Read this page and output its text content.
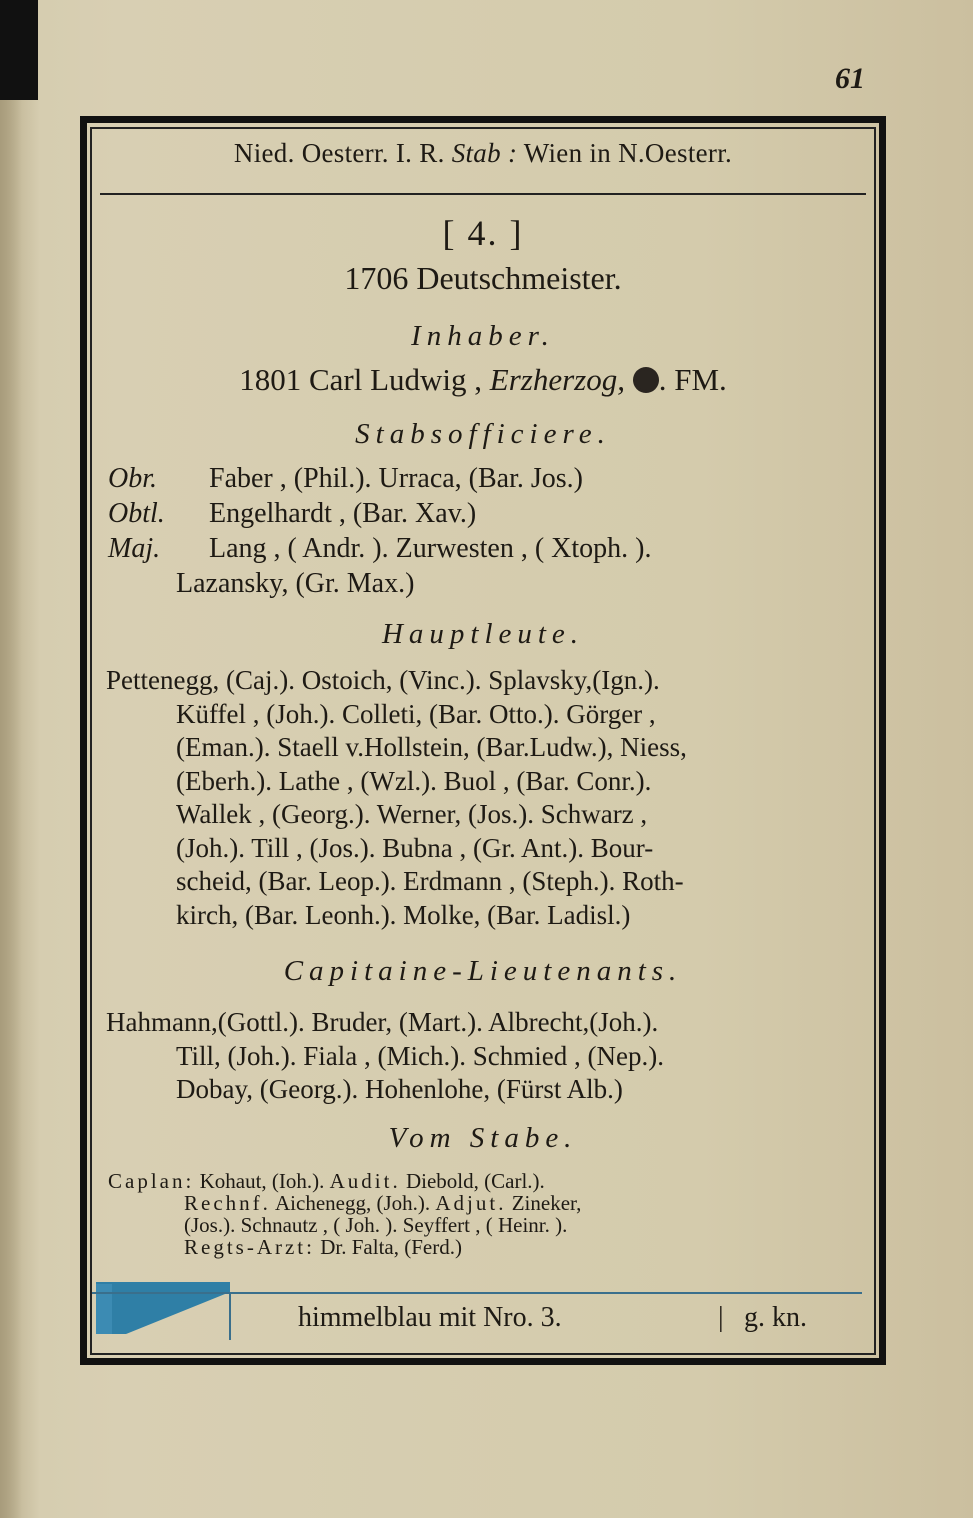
61
Nied. Oesterr. I. R. Stab : Wien in N.Oesterr.
[ 4. ]
1706 Deutschmeister.
Inhaber.
1801 Carl Ludwig , Erzherzog, . FM.
Stabsofficiere.
Obr. Faber , (Phil.). Urraca, (Bar. Jos.)
Obtl. Engelhardt , (Bar. Xav.)
Maj. Lang , ( Andr. ). Zurwesten , ( Xtoph. ).
Lazansky, (Gr. Max.)
Hauptleute.
Pettenegg, (Caj.). Ostoich, (Vinc.). Splavsky,(Ign.).
Küffel , (Joh.). Colleti, (Bar. Otto.). Görger ,
(Eman.). Staell v.Hollstein, (Bar.Ludw.), Niess,
(Eberh.). Lathe , (Wzl.). Buol , (Bar. Conr.).
Wallek , (Georg.). Werner, (Jos.). Schwarz ,
(Joh.). Till , (Jos.). Bubna , (Gr. Ant.). Bour-
scheid, (Bar. Leop.). Erdmann , (Steph.). Roth-
kirch, (Bar. Leonh.). Molke, (Bar. Ladisl.)
Capitaine-Lieutenants.
Hahmann,(Gottl.). Bruder, (Mart.). Albrecht,(Joh.).
Till, (Joh.). Fiala , (Mich.). Schmied , (Nep.).
Dobay, (Georg.). Hohenlohe, (Fürst Alb.)
Vom Stabe.
Caplan: Kohaut, (Ioh.). Audit. Diebold, (Carl.).
Rechnf. Aichenegg, (Joh.). Adjut. Zineker,
(Jos.). Schnautz , ( Joh. ). Seyffert , ( Heinr. ).
Regts-Arzt: Dr. Falta, (Ferd.)
himmelblau mit Nro. 3.	| g. kn.
